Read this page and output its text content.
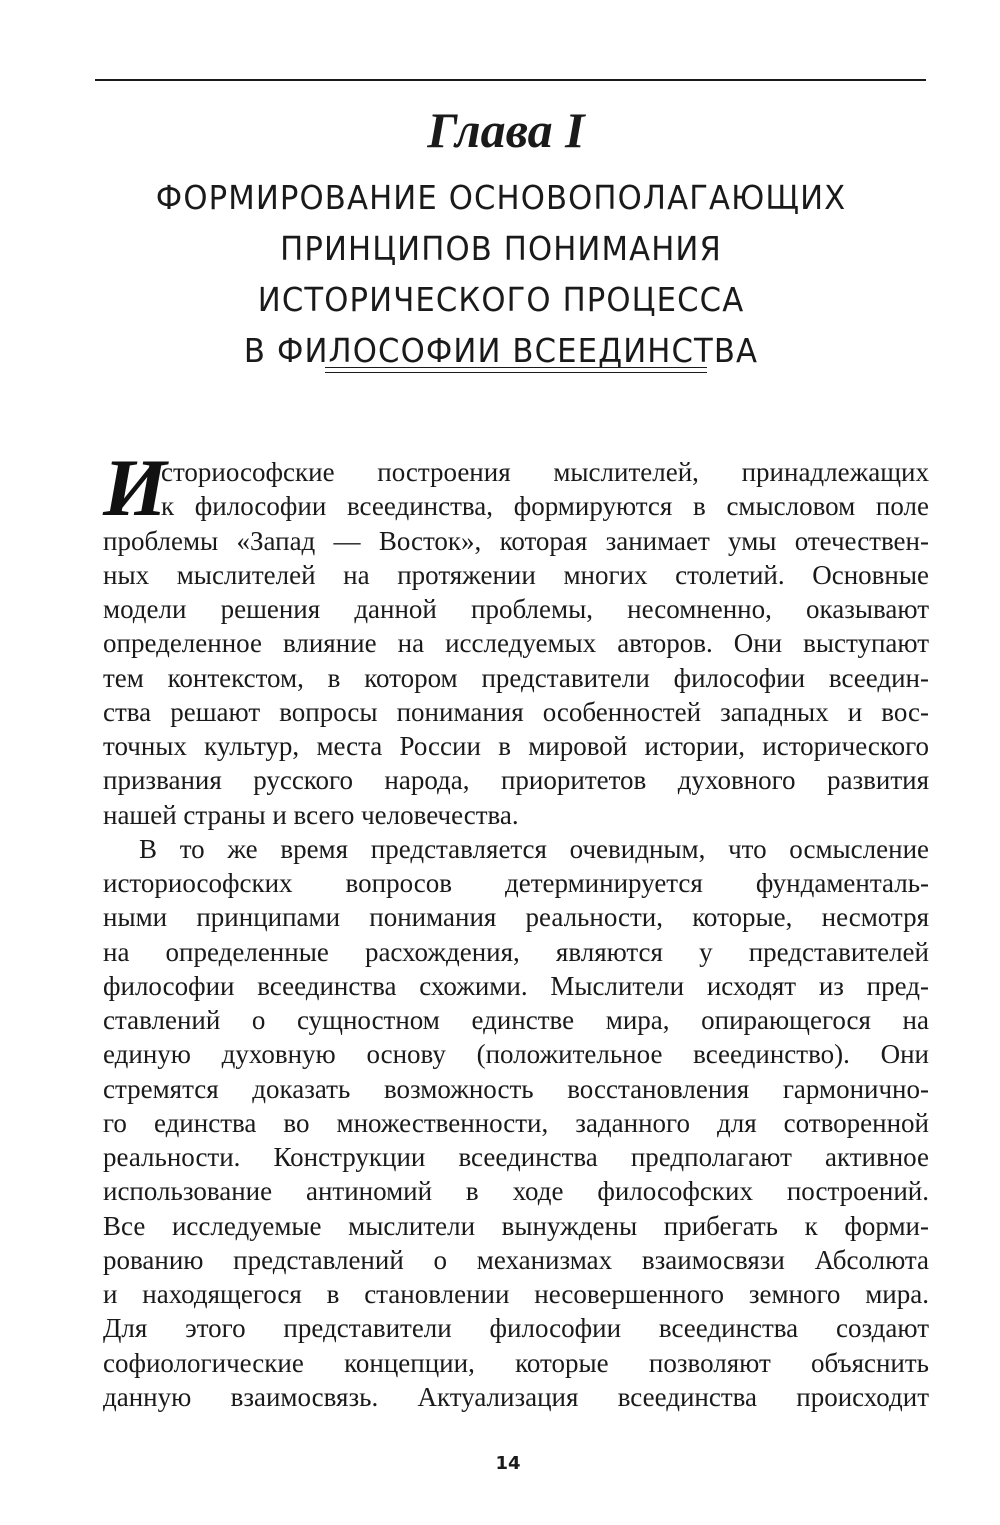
Глава I
ФОРМИРОВАНИЕ ОСНОВОПОЛАГАЮЩИХ
ПРИНЦИПОВ ПОНИМАНИЯ
ИСТОРИЧЕСКОГО ПРОЦЕССА
В ФИЛОСОФИИ ВСЕЕДИНСТВА
И
сториософские построения мыслителей, принадлежащих
к философии всеединства, формируются в смысловом поле
проблемы «Запад — Восток», которая занимает умы отечествен-
ных мыслителей на протяжении многих столетий. Основные
модели решения данной проблемы, несомненно, оказывают
определенное влияние на исследуемых авторов. Они выступают
тем контекстом, в котором представители философии всеедин-
ства решают вопросы понимания особенностей западных и вос-
точных культур, места России в мировой истории, исторического
призвания русского народа, приоритетов духовного развития
нашей страны и всего человечества.
В то же время представляется очевидным, что осмысление
историософских вопросов детерминируется фундаменталь-
ными принципами понимания реальности, которые, несмотря
на определенные расхождения, являются у представителей
философии всеединства схожими. Мыслители исходят из пред-
ставлений о сущностном единстве мира, опирающегося на
единую духовную основу (положительное всеединство). Они
стремятся доказать возможность восстановления гармонично-
го единства во множественности, заданного для сотворенной
реальности. Конструкции всеединства предполагают активное
использование антиномий в ходе философских построений.
Все исследуемые мыслители вынуждены прибегать к форми-
рованию представлений о механизмах взаимосвязи Абсолюта
и находящегося в становлении несовершенного земного мира.
Для этого представители философии всеединства создают
софиологические концепции, которые позволяют объяснить
данную взаимосвязь. Актуализация всеединства происходит
14
